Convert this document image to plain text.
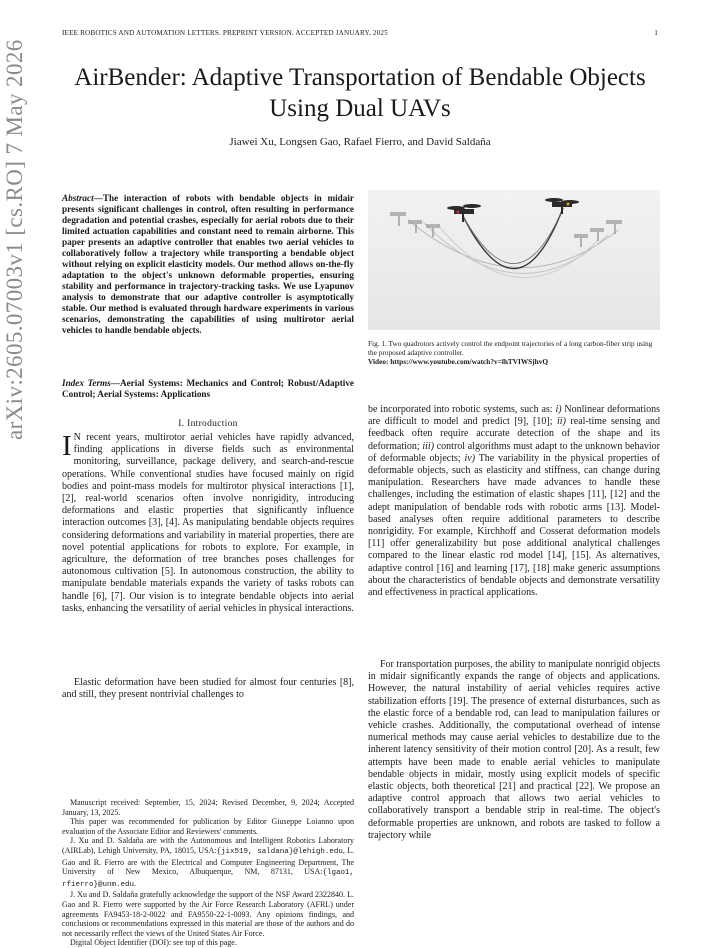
IEEE ROBOTICS AND AUTOMATION LETTERS. PREPRINT VERSION. ACCEPTED JANUARY, 2025	1
arXiv:2605.07003v1 [cs.RO] 7 May 2026	AirBender: Adaptive Transportation of Bendable Objects Using Dual UAVs
Jiawei Xu, Longsen Gao, Rafael Fierro, and David Saldaña
Abstract—The interaction of robots with bendable objects in midair presents significant challenges in control, often resulting in performance degradation and potential crashes, especially for aerial robots due to their limited actuation capabilities and constant need to remain airborne. This paper presents an adaptive controller that enables two aerial vehicles to collaboratively follow a trajectory while transporting a bendable object without relying on explicit elasticity models. Our method allows on-the-fly adaptation to the object's unknown deformable properties, ensuring stability and performance in trajectory-tracking tasks. We use Lyapunov analysis to demonstrate that our adaptive controller is asymptotically stable. Our method is evaluated through hardware experiments in various scenarios, demonstrating the capabilities of using multirotor aerial vehicles to handle bendable objects.
Index Terms—Aerial Systems: Mechanics and Control; Robust/Adaptive Control; Aerial Systems: Applications
I. Introduction
I N recent years, multirotor aerial vehicles have rapidly advanced, finding applications in diverse fields such as environmental monitoring, surveillance, package delivery, and search-and-rescue operations. While conventional studies have focused mainly on rigid bodies and point-mass models for multirotor physical interactions [1], [2], real-world scenarios often involve nonrigidity, introducing deformations and elastic properties that significantly influence interaction outcomes [3], [4]. As manipulating bendable objects requires considering deformations and variability in material properties, there are novel potential applications for robots to explore. For example, in agriculture, the deformation of tree branches poses challenges for autonomous cultivation [5]. In autonomous construction, the ability to manipulate bendable materials expands the variety of tasks robots can handle [6], [7]. Our vision is to integrate bendable objects into aerial tasks, enhancing the versatility of aerial vehicles in physical interactions.

Elastic deformation have been studied for almost four centuries [8], and still, they present nontrivial challenges to

Manuscript received: September, 15, 2024; Revised December, 9, 2024; Accepted January, 13, 2025.

This paper was recommended for publication by Editor Giuseppe Loianno upon evaluation of the Associate Editor and Reviewers' comments.

J. Xu and D. Saldaña are with the Autonomous and Intelligent Robotics Laboratory (AIRLab), Lehigh University, PA, 18015, USA:{jix519, saldana}@lehigh.edu, L. Gao and R. Fierro are with the Electrical and Computer Engineering Department, The University of New Mexico, Albuquerque, NM, 87131, USA:{lgao1, rfierro}@unm.edu.

J. Xu and D. Saldaña gratefully acknowledge the support of the NSF Award 2322840. L. Gao and R. Fierro were supported by the Air Force Research Laboratory (AFRL) under agreements FA9453-18-2-0022 and FA9550-22-1-0093. Any opinions findings, and conclusions or recommendations expressed in this material are those of the authors and do not necessarily reflect the views of the United States Air Force.

Digital Object Identifier (DOI): see top of this page.

Fig. 1. Two quadrotors actively control the endpoint trajectories of a long carbon-fiber strip using the proposed adaptive controller.
Video: https://www.youtube.com/watch?v=lhTVIWSjhvQ
be incorporated into robotic systems, such as: i) Nonlinear deformations are difficult to model and predict [9], [10]; ii) real-time sensing and feedback often require accurate detection of the shape and its deformation; iii) control algorithms must adapt to the unknown behavior of deformable objects; iv) The variability in the physical properties of deformable objects, such as elasticity and stiffness, can change during manipulation. Researchers have made advances to handle these challenges, including the estimation of elastic shapes [11], [12] and the adept manipulation of bendable rods with robotic arms [13]. Model-based analyses often require additional parameters to describe nonrigidity. For example, Kirchhoff and Cosserat deformation models [11] offer generalizability but pose additional analytical challenges compared to the linear elastic rod model [14], [15]. As alternatives, adaptive control [16] and learning [17], [18] make generic assumptions about the characteristics of bendable objects and demonstrate versatility and effectiveness in practical applications.

For transportation purposes, the ability to manipulate nonrigid objects in midair significantly expands the range of objects and applications. However, the natural instability of aerial vehicles requires active stabilization efforts [19]. The presence of external disturbances, such as the elastic force of a bendable rod, can lead to manipulation failures or vehicle crashes. Additionally, the computational overhead of intense numerical methods may cause aerial vehicles to destabilize due to the inherent latency sensitivity of their motion control [20]. As a result, few attempts have been made to enable aerial vehicles to manipulate bendable objects in midair, mostly using explicit models of specific elastic objects, both theoretical [21] and practical [22]. We propose an adaptive control approach that allows two aerial vehicles to collaboratively transport a bendable strip in real-time. The object's deformable properties are unknown, and robots are tasked to follow a trajectory while
